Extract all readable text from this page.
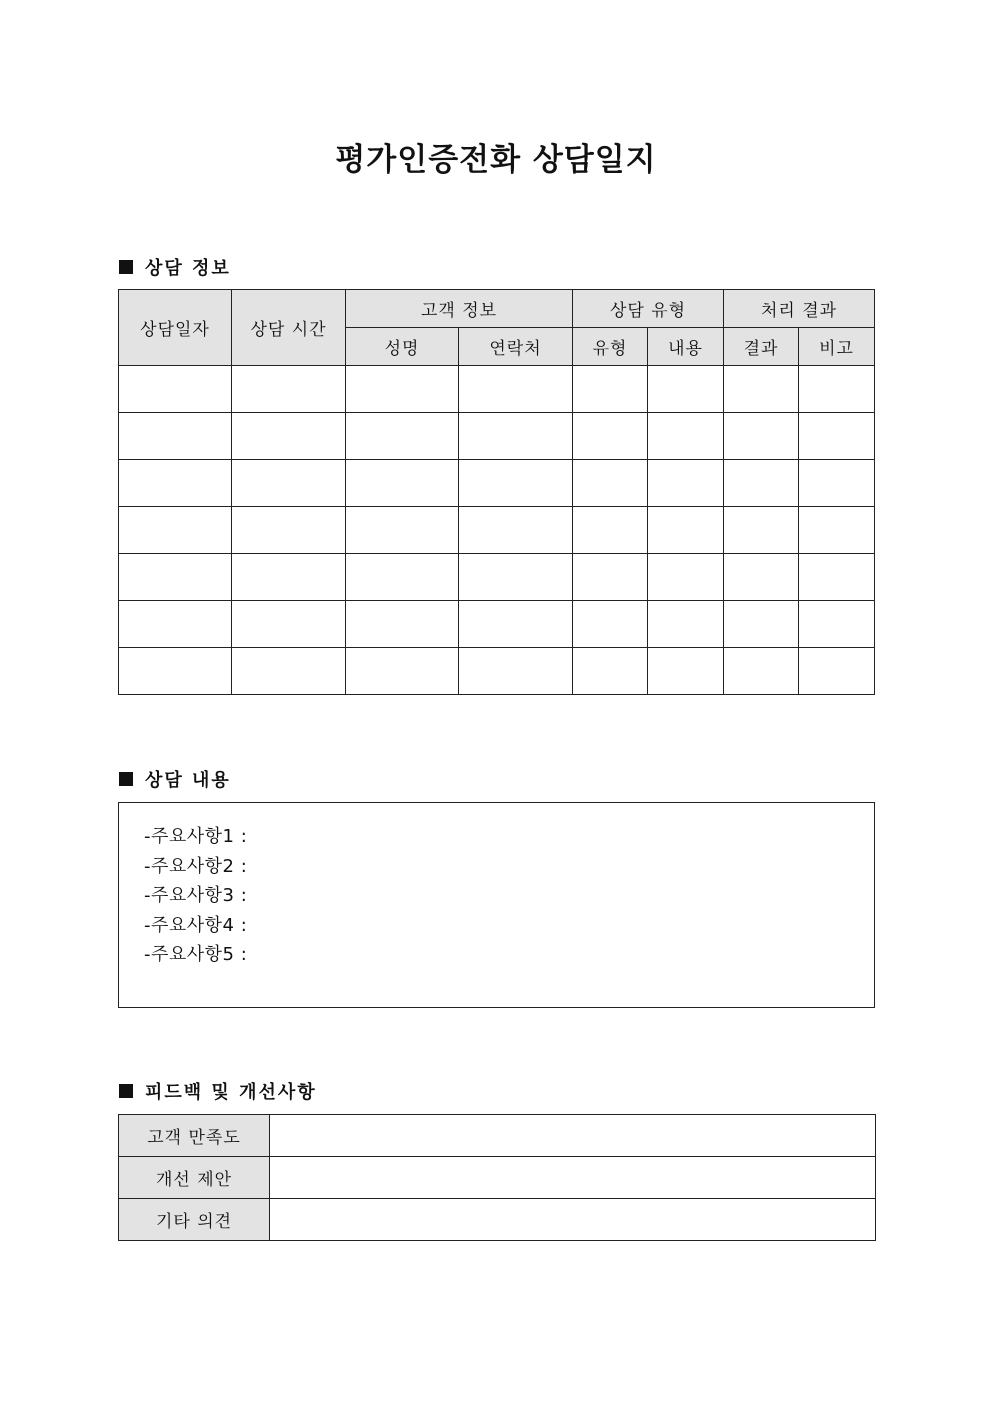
평가인증전화 상담일지
상담 정보
상담일자	상담 시간	고객 정보		상담 유형		처리 결과	
		성명	연락처	유형	내용	결과	비고

상담 내용
-주요사항1 :
-주요사항2 :
-주요사항3 :
-주요사항4 :
-주요사항5 :
피드백 및 개선사항
고객 만족도	
개선 제안	
기타 의견	
